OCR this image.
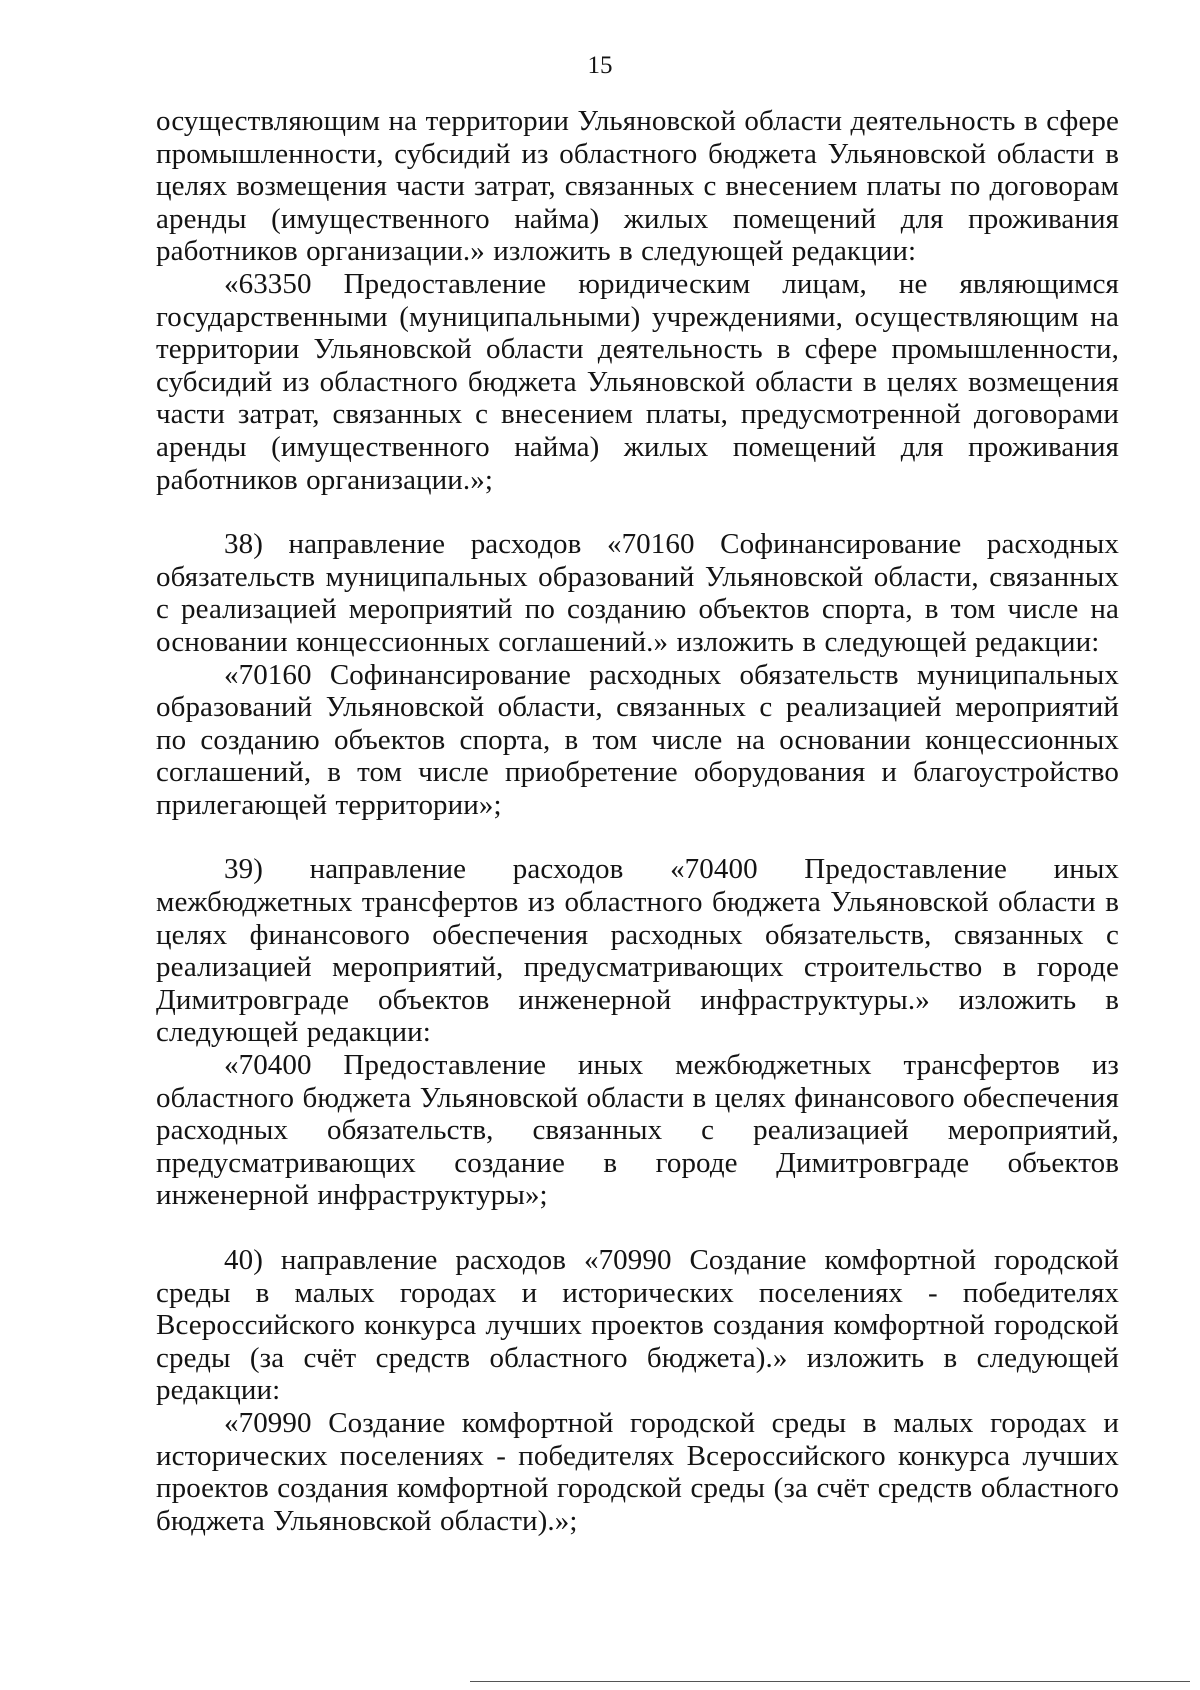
15

осуществляющим на территории Ульяновской области деятельность в сфере промышленности, субсидий из областного бюджета Ульяновской области в целях возмещения части затрат, связанных с внесением платы по договорам аренды (имущественного найма) жилых помещений для проживания работников организации.» изложить в следующей редакции:

«63350 Предоставление юридическим лицам, не являющимся государственными (муниципальными) учреждениями, осуществляющим на территории Ульяновской области деятельность в сфере промышленности, субсидий из областного бюджета Ульяновской области в целях возмещения части затрат, связанных с внесением платы, предусмотренной договорами аренды (имущественного найма) жилых помещений для проживания работников организации.»;

38) направление расходов «70160 Софинансирование расходных обязательств муниципальных образований Ульяновской области, связанных с реализацией мероприятий по созданию объектов спорта, в том числе на основании концессионных соглашений.» изложить в следующей редакции:

«70160 Софинансирование расходных обязательств муниципальных образований Ульяновской области, связанных с реализацией мероприятий по созданию объектов спорта, в том числе на основании концессионных соглашений, в том числе приобретение оборудования и благоустройство прилегающей территории»;

39) направление расходов «70400 Предоставление иных межбюджетных трансфертов из областного бюджета Ульяновской области в целях финансового обеспечения расходных обязательств, связанных с реализацией мероприятий, предусматривающих строительство в городе Димитровграде объектов инженерной инфраструктуры.» изложить в следующей редакции:

«70400 Предоставление иных межбюджетных трансфертов из областного бюджета Ульяновской области в целях финансового обеспечения расходных обязательств, связанных с реализацией мероприятий, предусматривающих создание в городе Димитровграде объектов инженерной инфраструктуры»;

40) направление расходов «70990 Создание комфортной городской среды в малых городах и исторических поселениях - победителях Всероссийского конкурса лучших проектов создания комфортной городской среды (за счёт средств областного бюджета).» изложить в следующей редакции:

«70990 Создание комфортной городской среды в малых городах и исторических поселениях - победителях Всероссийского конкурса лучших проектов создания комфортной городской среды (за счёт средств областного бюджета Ульяновской области).»;
